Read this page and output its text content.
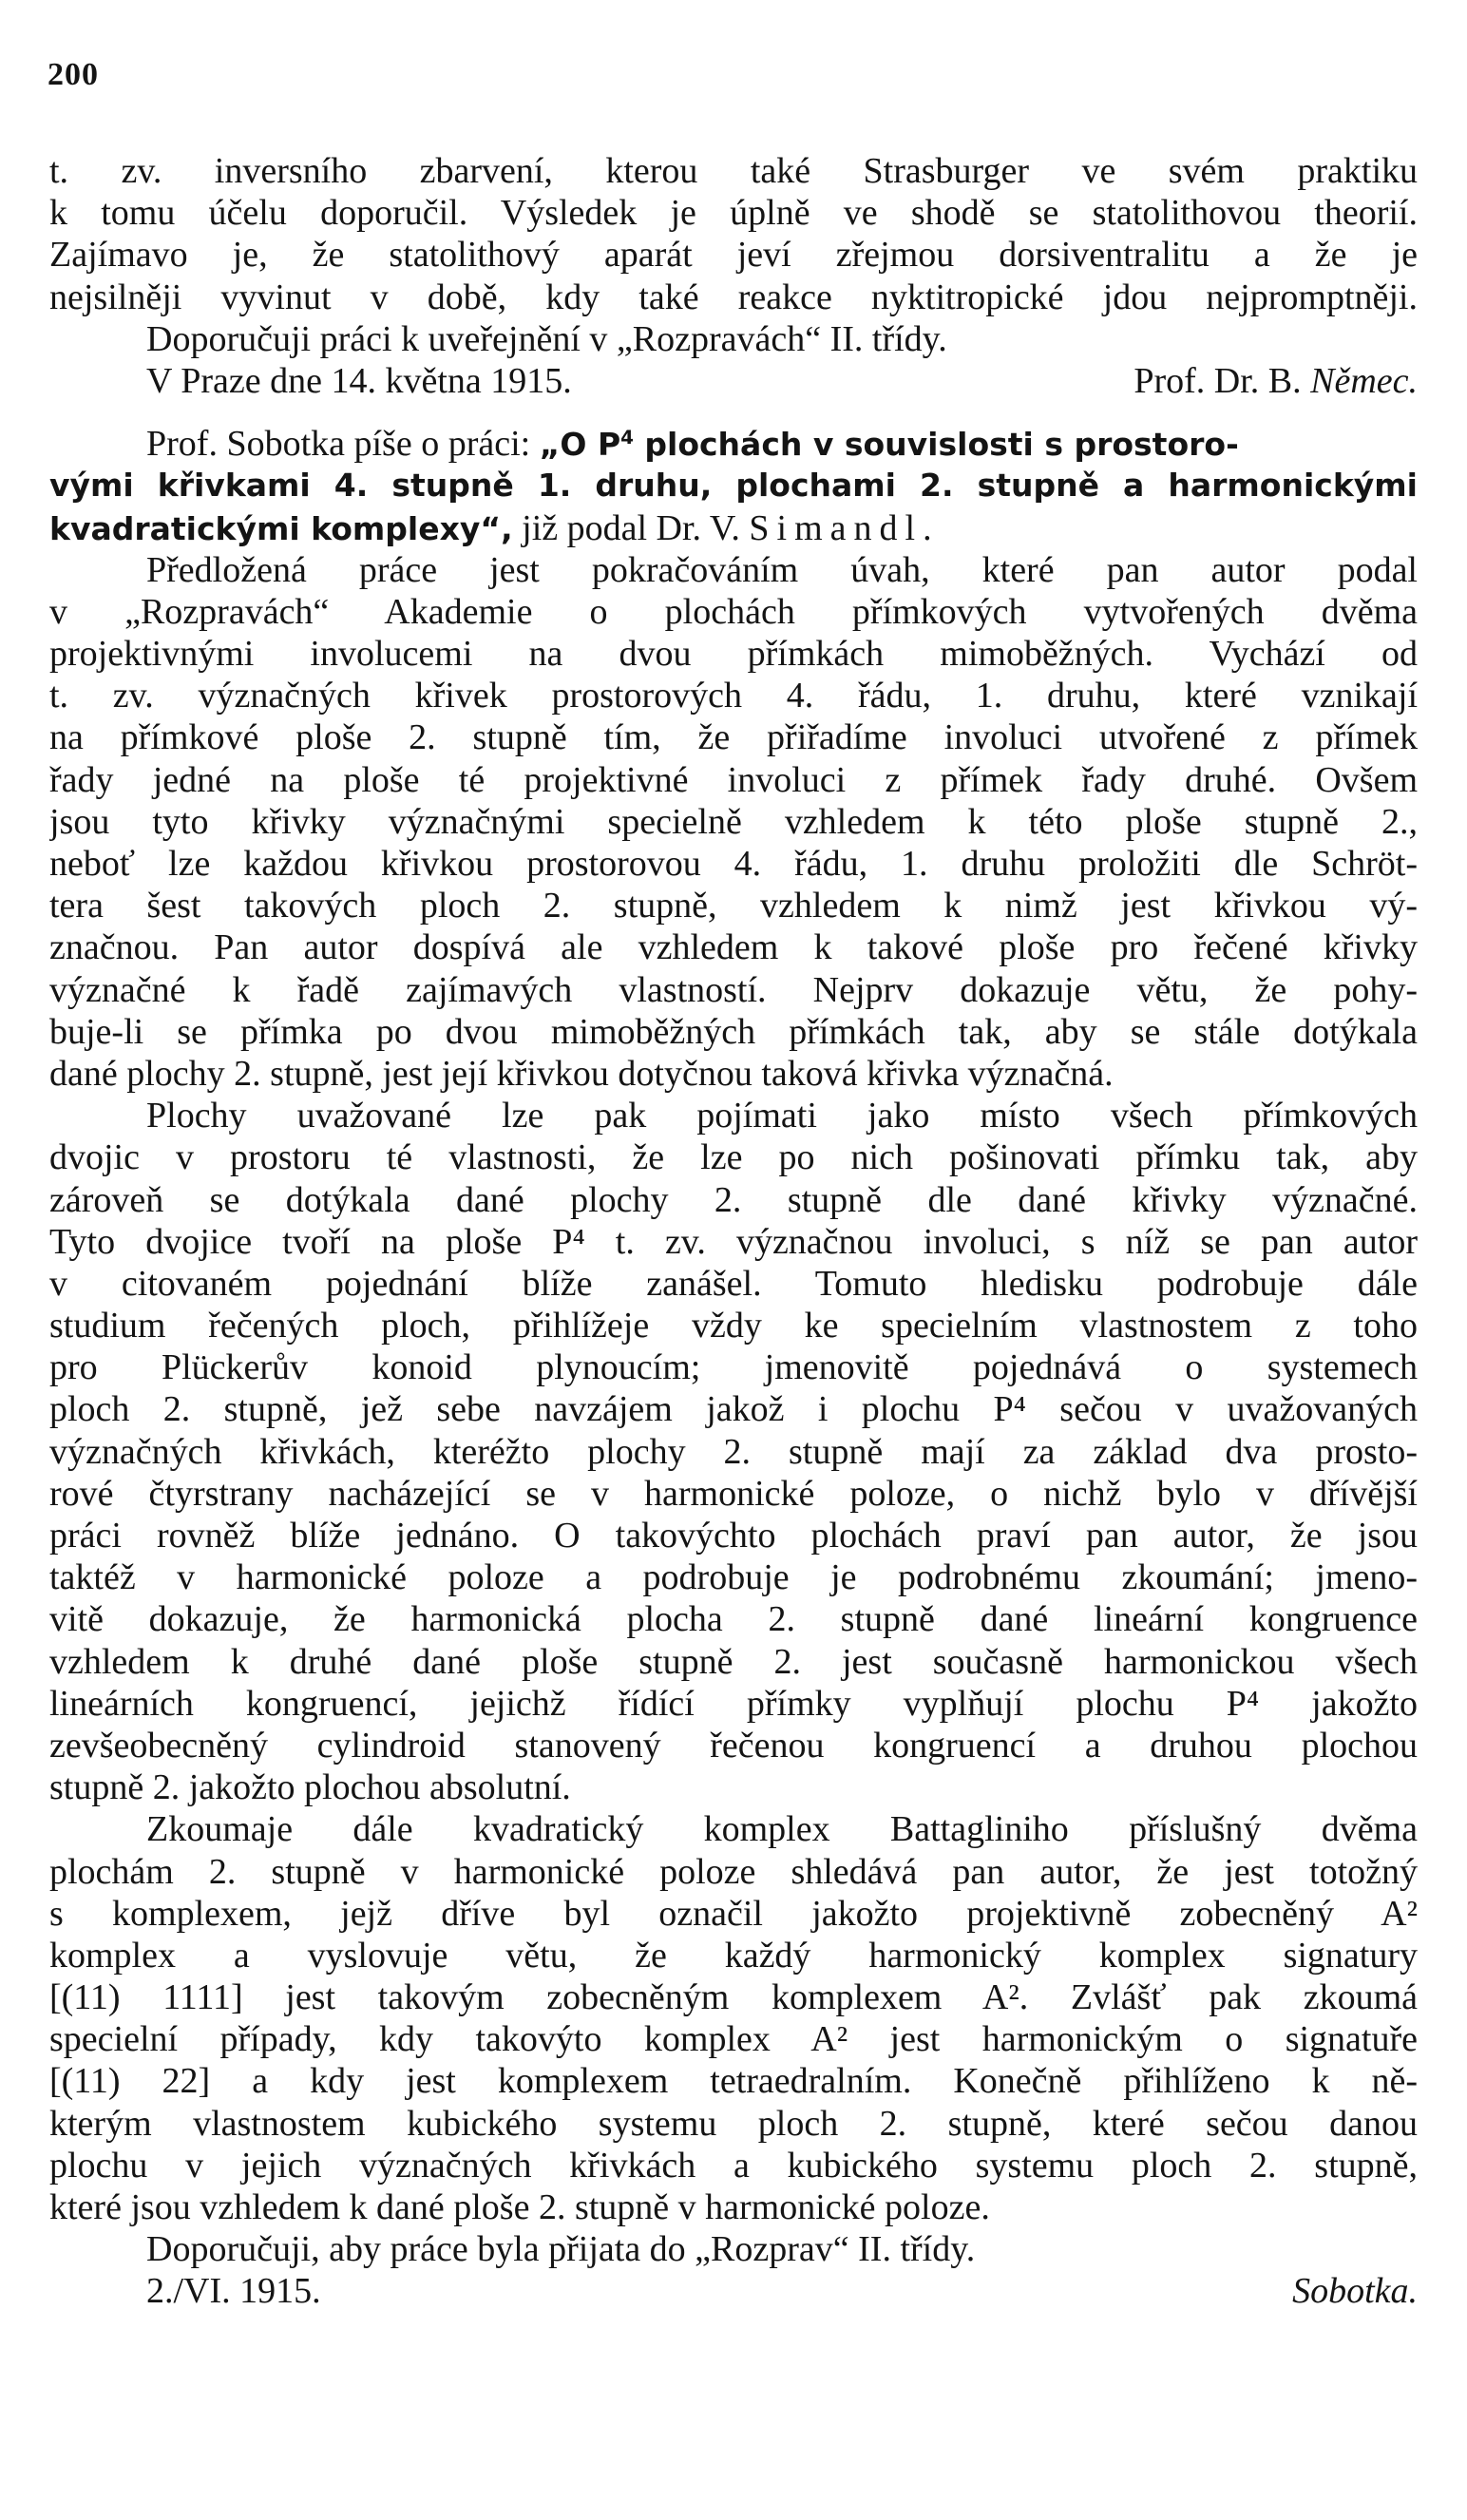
200
t. zv. inversního zbarvení, kterou také Strasburger ve svém praktiku
k tomu účelu doporučil. Výsledek je úplně ve shodě se statolithovou theorií.
Zajímavo je, že statolithový aparát jeví zřejmou dorsiventralitu a že je
nejsilněji vyvinut v době, kdy také reakce nyktitropické jdou nejpromptněji.
Doporučuji práci k uveřejnění v „Rozpravách“ II. třídy.
V Praze dne 14. května 1915.	Prof. Dr. B. Němec.
Prof. Sobotka píše o práci: „O $P^4$ plochách v souvislosti s prostoro-
vými křivkami 4. stupně 1. druhu, plochami 2. stupně a harmonickými
kvadratickými komplexy“, již podal Dr. V. Simandl.
Předložená práce jest pokračováním úvah, které pan autor podal
v „Rozpravách“ Akademie o plochách přímkových vytvořených dvěma
projektivnými involucemi na dvou přímkách mimoběžných. Vychází od
t. zv. význačných křivek prostorových 4. řádu, 1. druhu, které vznikají
na přímkové ploše 2. stupně tím, že přiřadíme involuci utvořené z přímek
řady jedné na ploše té projektivné involuci z přímek řady druhé. Ovšem
jsou tyto křivky význačnými specielně vzhledem k této ploše stupně 2.,
neboť lze každou křivkou prostorovou 4. řádu, 1. druhu proložiti dle Schröt-
tera šest takových ploch 2. stupně, vzhledem k nimž jest křivkou vý-
značnou. Pan autor dospívá ale vzhledem k takové ploše pro řečené křivky
význačné k řadě zajímavých vlastností. Nejprv dokazuje větu, že pohy-
buje-li se přímka po dvou mimoběžných přímkách tak, aby se stále dotýkala
dané plochy 2. stupně, jest její křivkou dotyčnou taková křivka význačná.
Plochy uvažované lze pak pojímati jako místo všech přímkových
dvojic v prostoru té vlastnosti, že lze po nich pošinovati přímku tak, aby
zároveň se dotýkala dané plochy 2. stupně dle dané křivky význačné.
Tyto dvojice tvoří na ploše P⁴ t. zv. význačnou involuci, s níž se pan autor
v citovaném pojednání blíže zanášel. Tomuto hledisku podrobuje dále
studium řečených ploch, přihlížeje vždy ke specielním vlastnostem z toho
pro Plückerův konoid plynoucím; jmenovitě pojednává o systemech
ploch 2. stupně, jež sebe navzájem jakož i plochu P⁴ sečou v uvažovaných
význačných křivkách, kteréžto plochy 2. stupně mají za základ dva prosto-
rové čtyrstrany nacházející se v harmonické poloze, o nichž bylo v dřívější
práci rovněž blíže jednáno. O takovýchto plochách praví pan autor, že jsou
taktéž v harmonické poloze a podrobuje je podrobnému zkoumání; jmeno-
vitě dokazuje, že harmonická plocha 2. stupně dané lineární kongruence
vzhledem k druhé dané ploše stupně 2. jest současně harmonickou všech
lineárních kongruencí, jejichž řídící přímky vyplňují plochu P⁴ jakožto
zevšeobecněný cylindroid stanovený řečenou kongruencí a druhou plochou
stupně 2. jakožto plochou absolutní.
Zkoumaje dále kvadratický komplex Battagliniho příslušný dvěma
plochám 2. stupně v harmonické poloze shledává pan autor, že jest totožný
s komplexem, jejž dříve byl označil jakožto projektivně zobecněný A²
komplex a vyslovuje větu, že každý harmonický komplex signatury
[(11) 1111] jest takovým zobecněným komplexem A². Zvlášť pak zkoumá
specielní případy, kdy takovýto komplex A² jest harmonickým o signatuře
[(11) 22] a kdy jest komplexem tetraedralním. Konečně přihlíženo k ně-
kterým vlastnostem kubického systemu ploch 2. stupně, které sečou danou
plochu v jejich význačných křivkách a kubického systemu ploch 2. stupně,
které jsou vzhledem k dané ploše 2. stupně v harmonické poloze.
Doporučuji, aby práce byla přijata do „Rozprav“ II. třídy.
2./VI. 1915.	Sobotka.
